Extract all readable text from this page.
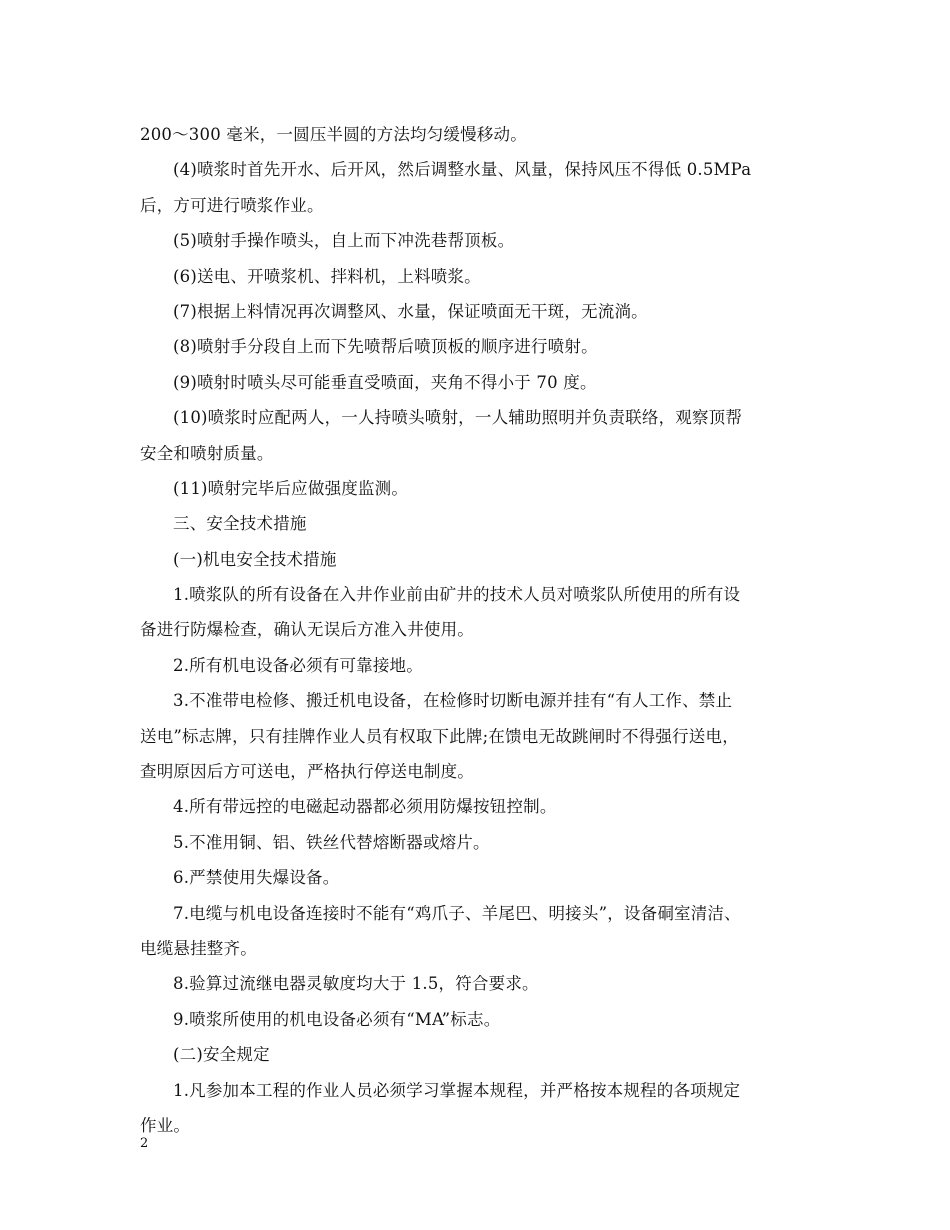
200～300 毫米，一圆压半圆的方法均匀缓慢移动。
(4)喷浆时首先开水、后开风，然后调整水量、风量，保持风压不得低 0.5MPa
后，方可进行喷浆作业。
(5)喷射手操作喷头，自上而下冲洗巷帮顶板。
(6)送电、开喷浆机、拌料机，上料喷浆。
(7)根据上料情况再次调整风、水量，保证喷面无干斑，无流淌。
(8)喷射手分段自上而下先喷帮后喷顶板的顺序进行喷射。
(9)喷射时喷头尽可能垂直受喷面，夹角不得小于 70 度。
(10)喷浆时应配两人，一人持喷头喷射，一人辅助照明并负责联络，观察顶帮
安全和喷射质量。
(11)喷射完毕后应做强度监测。
三、安全技术措施
(一)机电安全技术措施
1.喷浆队的所有设备在入井作业前由矿井的技术人员对喷浆队所使用的所有设
备进行防爆检查，确认无误后方准入井使用。
2.所有机电设备必须有可靠接地。
3.不准带电检修、搬迁机电设备，在检修时切断电源并挂有“有人工作、禁止
送电”标志牌，只有挂牌作业人员有权取下此牌;在馈电无故跳闸时不得强行送电，
查明原因后方可送电，严格执行停送电制度。
4.所有带远控的电磁起动器都必须用防爆按钮控制。
5.不准用铜、铝、铁丝代替熔断器或熔片。
6.严禁使用失爆设备。
7.电缆与机电设备连接时不能有“鸡爪子、羊尾巴、明接头”，设备硐室清洁、
电缆悬挂整齐。
8.验算过流继电器灵敏度均大于 1.5，符合要求。
9.喷浆所使用的机电设备必须有“MA”标志。
(二)安全规定
1.凡参加本工程的作业人员必须学习掌握本规程，并严格按本规程的各项规定
作业。
2
